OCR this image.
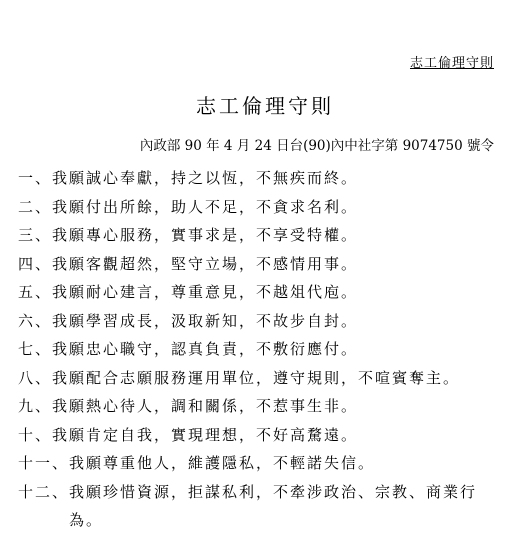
志工倫理守則
志工倫理守則
內政部 90 年 4 月 24 日台(90)內中社字第 9074750 號令
一、 我願誠心奉獻，持之以恆，不無疾而終。
二、 我願付出所餘，助人不足，不貪求名利。
三、 我願專心服務，實事求是，不享受特權。
四、 我願客觀超然，堅守立場，不感情用事。
五、 我願耐心建言，尊重意見，不越俎代庖。
六、 我願學習成長，汲取新知，不故步自封。
七、 我願忠心職守，認真負責，不敷衍應付。
八、 我願配合志願服務運用單位，遵守規則，不喧賓奪主。
九、 我願熱心待人，調和關係，不惹事生非。
十、 我願肯定自我，實現理想，不好高騖遠。
十一、 我願尊重他人，維護隱私，不輕諾失信。
十二、 我願珍惜資源，拒謀私利，不牽涉政治、宗教、商業行為。
